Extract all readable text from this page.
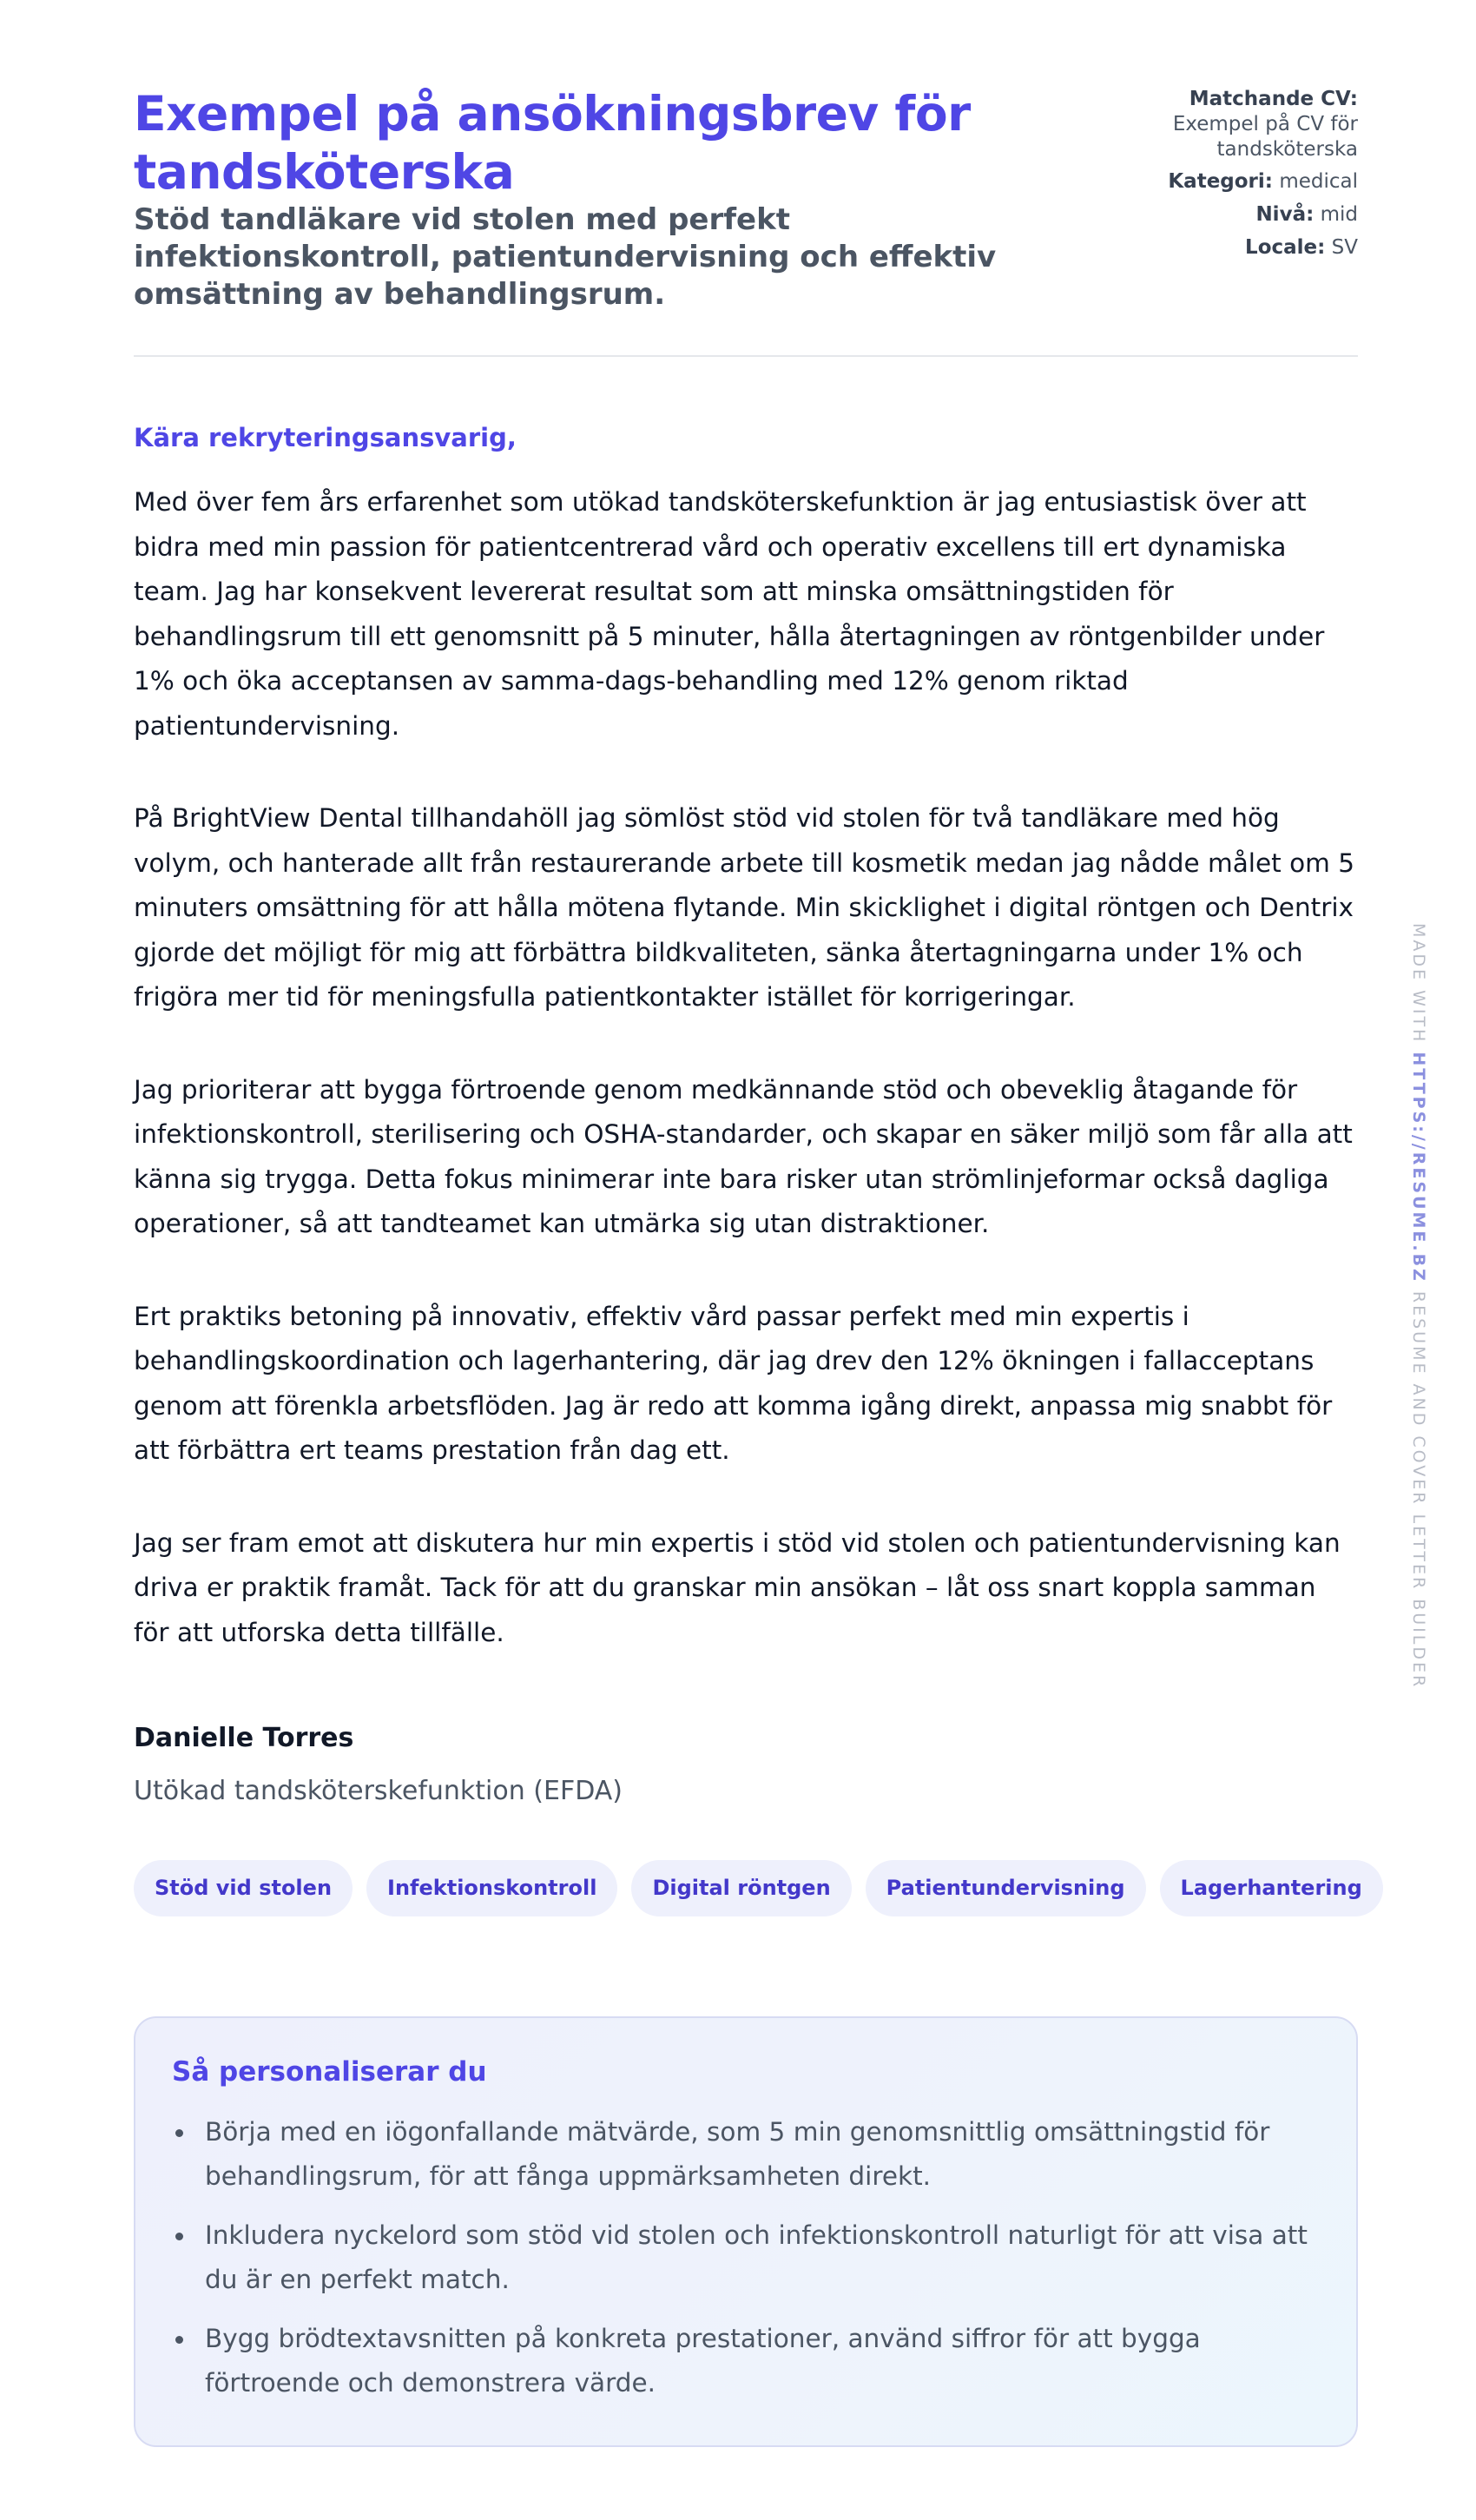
Exempel på ansökningsbrev för tandsköterska
Stöd tandläkare vid stolen med perfekt infektionskontroll, patientundervisning och effektiv omsättning av behandlingsrum.
Matchande CV:
Exempel på CV för tandsköterska
Kategori: medical
Nivå: mid
Locale: SV
Kära rekryteringsansvarig,

Med över fem års erfarenhet som utökad tandsköterskefunktion är jag entusiastisk över att bidra med min passion för patientcentrerad vård och operativ excellens till ert dynamiska team. Jag har konsekvent levererat resultat som att minska omsättningstiden för behandlingsrum till ett genomsnitt på 5 minuter, hålla återtagningen av röntgenbilder under 1% och öka acceptansen av samma-dags-behandling med 12% genom riktad patientundervisning.

På BrightView Dental tillhandahöll jag sömlöst stöd vid stolen för två tandläkare med hög volym, och hanterade allt från restaurerande arbete till kosmetik medan jag nådde målet om 5 minuters omsättning för att hålla mötena flytande. Min skicklighet i digital röntgen och Dentrix gjorde det möjligt för mig att förbättra bildkvaliteten, sänka återtagningarna under 1% och frigöra mer tid för meningsfulla patientkontakter istället för korrigeringar.

Jag prioriterar att bygga förtroende genom medkännande stöd och obeveklig åtagande för infektionskontroll, sterilisering och OSHA-standarder, och skapar en säker miljö som får alla att känna sig trygga. Detta fokus minimerar inte bara risker utan strömlinjeformar också dagliga operationer, så att tandteamet kan utmärka sig utan distraktioner.

Ert praktiks betoning på innovativ, effektiv vård passar perfekt med min expertis i behandlingskoordination och lagerhantering, där jag drev den 12% ökningen i fallacceptans genom att förenkla arbetsflöden. Jag är redo att komma igång direkt, anpassa mig snabbt för att förbättra ert teams prestation från dag ett.

Jag ser fram emot att diskutera hur min expertis i stöd vid stolen och patientundervisning kan driva er praktik framåt. Tack för att du granskar min ansökan – låt oss snart koppla samman för att utforska detta tillfälle.

Danielle Torres
Utökad tandsköterskefunktion (EFDA)
Stöd vid stolen	Infektionskontroll	Digital röntgen	Patientundervisning	Lagerhantering
Så personaliserar du
Börja med en iögonfallande mätvärde, som 5 min genomsnittlig omsättningstid för behandlingsrum, för att fånga uppmärksamheten direkt.
Inkludera nyckelord som stöd vid stolen och infektionskontroll naturligt för att visa att du är en perfekt match.
Bygg brödtextavsnitten på konkreta prestationer, använd siffror för att bygga förtroende och demonstrera värde.
MADE WITH HTTPS://RESUME.BZ RESUME AND COVER LETTER BUILDER
